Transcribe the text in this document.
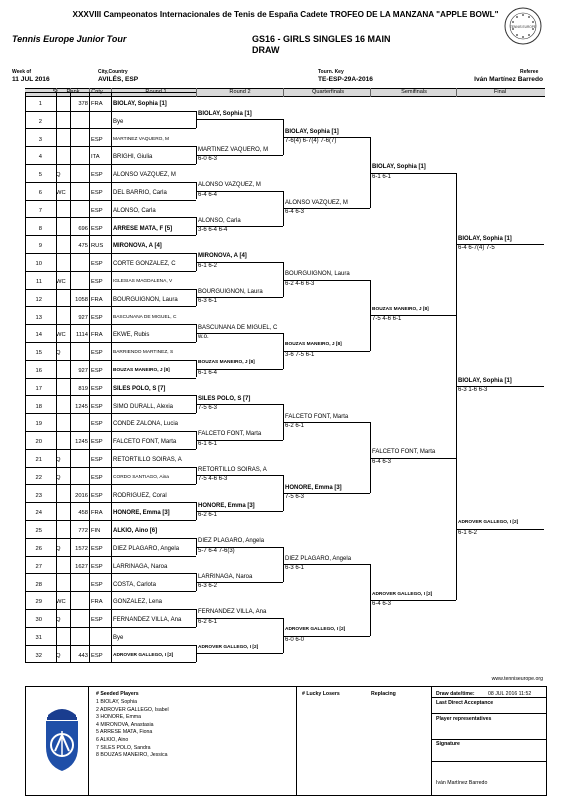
XXXVIII Campeonatos Internacionales de Tenis de España Cadete TROFEO DE LA MANZANA "APPLE BOWL"
Tennis Europe Junior Tour	GS16 - GIRLS SINGLES 16 MAIN
DRAW
TENNIS EUROPE
Week of
11 JUL 2016
City,Country
AVILÉS, ESP
Tourn. Key
TE-ESP-29A-2016
Referee
Iván Martínez Barredo
St.	Rank	Cnty	Round 1	Round 2	Quarterfinals	Semifinals	Final
www.tenniseurope.org
# Seeded Players	# Lucky Losers	Replacing	Draw date/time:	08 JUL 2016 11:52
Last Direct Acceptance
Player representatives
Signature
Iván Martínez Barredo
1 BIOLAY, Sophia
2 ADROVER GALLEGO, Isabel
3 HONORE, Emma
4 MIRONOVA, Anastasia
5 ARRESE MATA, Fiona
6 ALKIO, Aino
7 SILES POLO, Sandra
8 BOUZAS MANEIRO, Jessica
1	378 FRA BIOLAY, Sophia [1]
2	Bye
3	ESP MARTINEZ VAQUERO, M
4	ITA BRIGHI, Giulia
5 Q	ESP ALONSO VAZQUEZ, M
6 WC	ESP DEL BARRIO, Carla
7	ESP ALONSO, Carla
8	696 ESP ARRESE MATA, F [5]
9	475 RUS MIRONOVA, A [4]
10	ESP CORTE GONZALEZ, C
11 WC	ESP IGLESIAS MAGDALENA, V
12	1058 FRA BOURGUIGNON, Laura
13	927 ESP BASCUNANA DE MIGUEL, C
14 WC	1114 FRA EKWE, Rubis
15 Q	ESP BARRIENDO MARTINEZ, S
16	927 ESP BOUZAS MANEIRO, J [8]
17	819 ESP SILES POLO, S [7]
18	1245 ESP SIMO DURALL, Alexia
19	ESP CONDE ZALONA, Lucia
20	1245 ESP FALCETO FONT, Marta
21 Q	ESP RETORTILLO SOIRAS, A
22 Q	ESP CORDO SANTIAGO, Aina
23	2016 ESP RODRIGUEZ, Coral
24	458 FRA HONORE, Emma [3]
25	772 FIN ALKIO, Aino [6]
26 Q	1572 ESP DIEZ PLAGARO, Angela
27	1627 ESP LARRINAGA, Naroa
28	ESP COSTA, Carlota
29 WC	FRA GONZALEZ, Lena
30 Q	ESP FERNANDEZ VILLA, Ana
31	Bye
32 Q	443 ESP ADROVER GALLEGO, I [2]
BIOLAY, Sophia [1]
MARTINEZ VAQUERO, M
6-0 6-3
ALONSO VAZQUEZ, M
6-4 6-4
ALONSO, Carla
3-6 6-4 6-4
MIRONOVA, A [4]
6-1 6-2
BOURGUIGNON, Laura
6-3 6-1
BASCUNANA DE MIGUEL, C
w.o.
BOUZAS MANEIRO, J [8]
6-1 6-4
SILES POLO, S [7]
7-5 6-3
FALCETO FONT, Marta
6-1 6-1
RETORTILLO SOIRAS, A
7-5 4-6 6-3
HONORE, Emma [3]
6-2 6-1
DIEZ PLAGARO, Angela
5-7 6-4 7-6(3)
LARRINAGA, Naroa
6-3 6-2
FERNANDEZ VILLA, Ana
6-2 6-1
ADROVER GALLEGO, I [2]
BIOLAY, Sophia [1]
7-6(4) 6-7(4) 7-6(7)
ALONSO VAZQUEZ, M
6-4 6-3
BOURGUIGNON, Laura
6-2 4-6 6-3
BOUZAS MANEIRO, J [8]
3-6 7-5 6-1
FALCETO FONT, Marta
6-2 6-1
HONORE, Emma [3]
7-5 6-3
DIEZ PLAGARO, Angela
6-3 6-1
ADROVER GALLEGO, I [2]
6-0 6-0
BIOLAY, Sophia [1]
6-1 6-1
BOUZAS MANEIRO, J [8]
7-5 4-6 6-1
FALCETO FONT, Marta
6-4 6-3
ADROVER GALLEGO, I [2]
6-4 6-3
BIOLAY, Sophia [1]
6-4 6-7(4) 7-5
ADROVER GALLEGO, I [2]
6-1 6-2
BIOLAY, Sophia [1]
6-3 1-6 6-3
